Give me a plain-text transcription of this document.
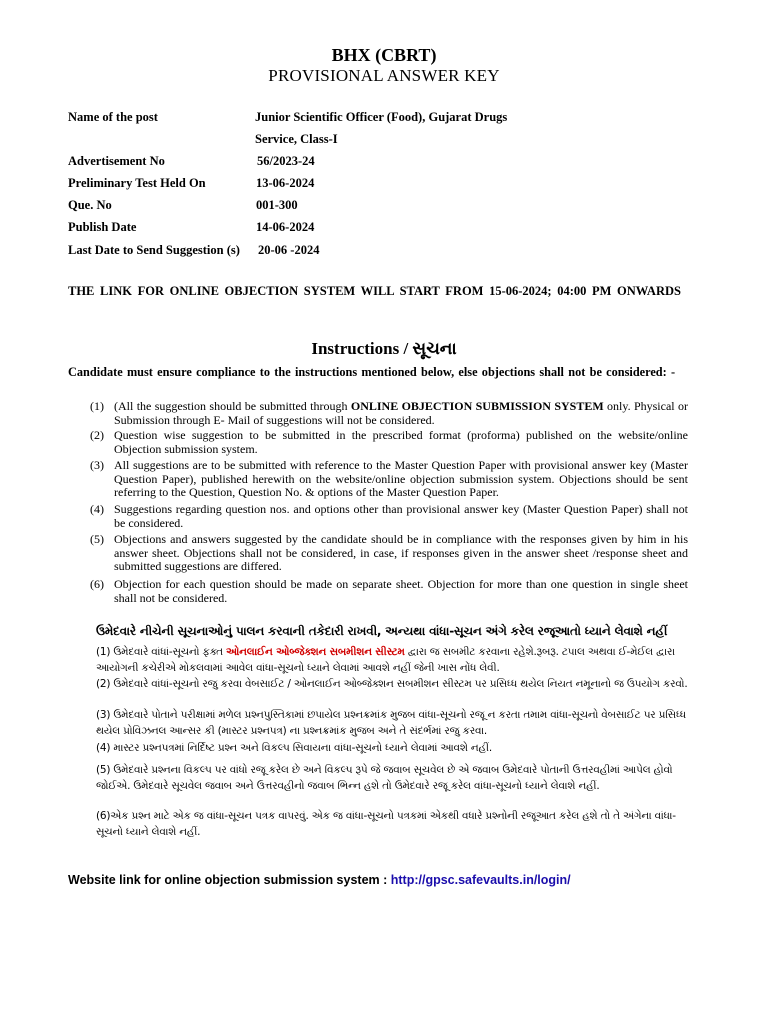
BHX (CBRT)
PROVISIONAL ANSWER KEY
Name of the post	Junior Scientific Officer (Food), Gujarat Drugs
Service, Class-I
Advertisement No	56/2023-24
Preliminary Test Held On	13-06-2024
Que. No	001-300
Publish Date	14-06-2024
Last Date to Send Suggestion (s) 20-06 -2024
THE LINK FOR ONLINE OBJECTION SYSTEM WILL START FROM 15-06-2024; 04:00 PM ONWARDS
Instructions / સૂચના
Candidate must ensure compliance to the instructions mentioned below, else objections shall not be considered: -
(1) (All the suggestion should be submitted through ONLINE OBJECTION SUBMISSION SYSTEM only. Physical or Submission through E- Mail of suggestions will not be considered.
(2) Question wise suggestion to be submitted in the prescribed format (proforma) published on the website/online Objection submission system.
(3) All suggestions are to be submitted with reference to the Master Question Paper with provisional answer key (Master Question Paper), published herewith on the website/online objection submission system. Objections should be sent referring to the Question, Question No. & options of the Master Question Paper.
(4) Suggestions regarding question nos. and options other than provisional answer key (Master Question Paper) shall not be considered.
(5) Objections and answers suggested by the candidate should be in compliance with the responses given by him in his answer sheet. Objections shall not be considered, in case, if responses given in the answer sheet /response sheet and submitted suggestions are differed.
(6) Objection for each question should be made on separate sheet. Objection for more than one question in single sheet shall not be considered.
ઉમેદવારે નીચેની સૂચનાઓનું પાલન કરવાની તકેદારી રાખવી, અન્યથા વાંધા-સૂચન અંગે કરેલ રજૂઆતો ધ્યાને લેવાશે નહીં
(1) ઉમેદવારે વાંધાં-સૂચનો ફક્ત ઓનલાઈન ઓબ્જેક્શન સબમીશન સીસ્ટમ દ્વારા જ સબમીટ કરવાના રહેશે.રૂબરૂ. ટપાલ અથવા ઈ-મેઈલ દ્વારા આયોગની કચેરીએ મોકલવામાં આવેલ વાંધા-સૂચનો ધ્યાને લેવામાં આવશે નહીં જેની ખાસ નોંધ લેવી.
(2) ઉમેદવારે વાંધાં-સૂચનો રજુ કરવા વેબસાઈટ / ઓનલાઈન ઓબ્જેક્શન સબમીશન સીસ્ટમ પર પ્રસિધ્ધ થયેલ નિયત નમૂનાનો જ ઉપયોગ કરવો.
(3) ઉમેદવારે પોતાને પરીક્ષામાં મળેલ પ્રશ્નપુસ્તિકામાં છપાયેલ પ્રશ્નક્રમાંક મુજબ વાંધા-સૂચનો રજૂ ન કરતા તમામ વાંધા-સૂચનો વેબસાઈટ પર પ્રસિધ્ધ થયેલ પ્રોવિઝનલ આન્સર કી (માસ્ટર પ્રશ્નપત્ર) ના પ્રશ્નક્રમાંક મુજબ અને તે સંદર્ભમાં રજુ કરવા.
(4) માસ્ટર પ્રશ્નપત્રમાં નિર્દિષ્ટ પ્રશ્ન અને વિકલ્પ સિવાયના વાંધા-સૂચનો ધ્યાને લેવામાં આવશે નહીં.
(5) ઉમેદવારે પ્રશ્નના વિકલ્પ પર વાંધો રજૂ કરેલ છે અને વિકલ્પ રૂપે જે જવાબ સૂચવેલ છે એ જવાબ ઉમેદવારે પોતાની ઉત્તરવહીમાં આપેલ હોવો જોઈએ. ઉમેદવારે સૂચવેલ જવાબ અને ઉત્તરવહીનો જવાબ ભિન્ન હશે તો ઉમેદવારે રજૂ કરેલ વાંધા-સૂચનો ધ્યાને લેવાશે નહીં.
(6)એક પ્રશ્ન માટે એક જ વાંધા-સૂચન પત્રક વાપરવું. એક જ વાંધા-સૂચનો પત્રકમાં એકથી વધારે પ્રશ્નોની રજૂઆત કરેલ હશે તો તે અંગેના વાંધા-સૂચનો ધ્યાને લેવાશે નહીં.
Website link for online objection submission system : http://gpsc.safevaults.in/login/
